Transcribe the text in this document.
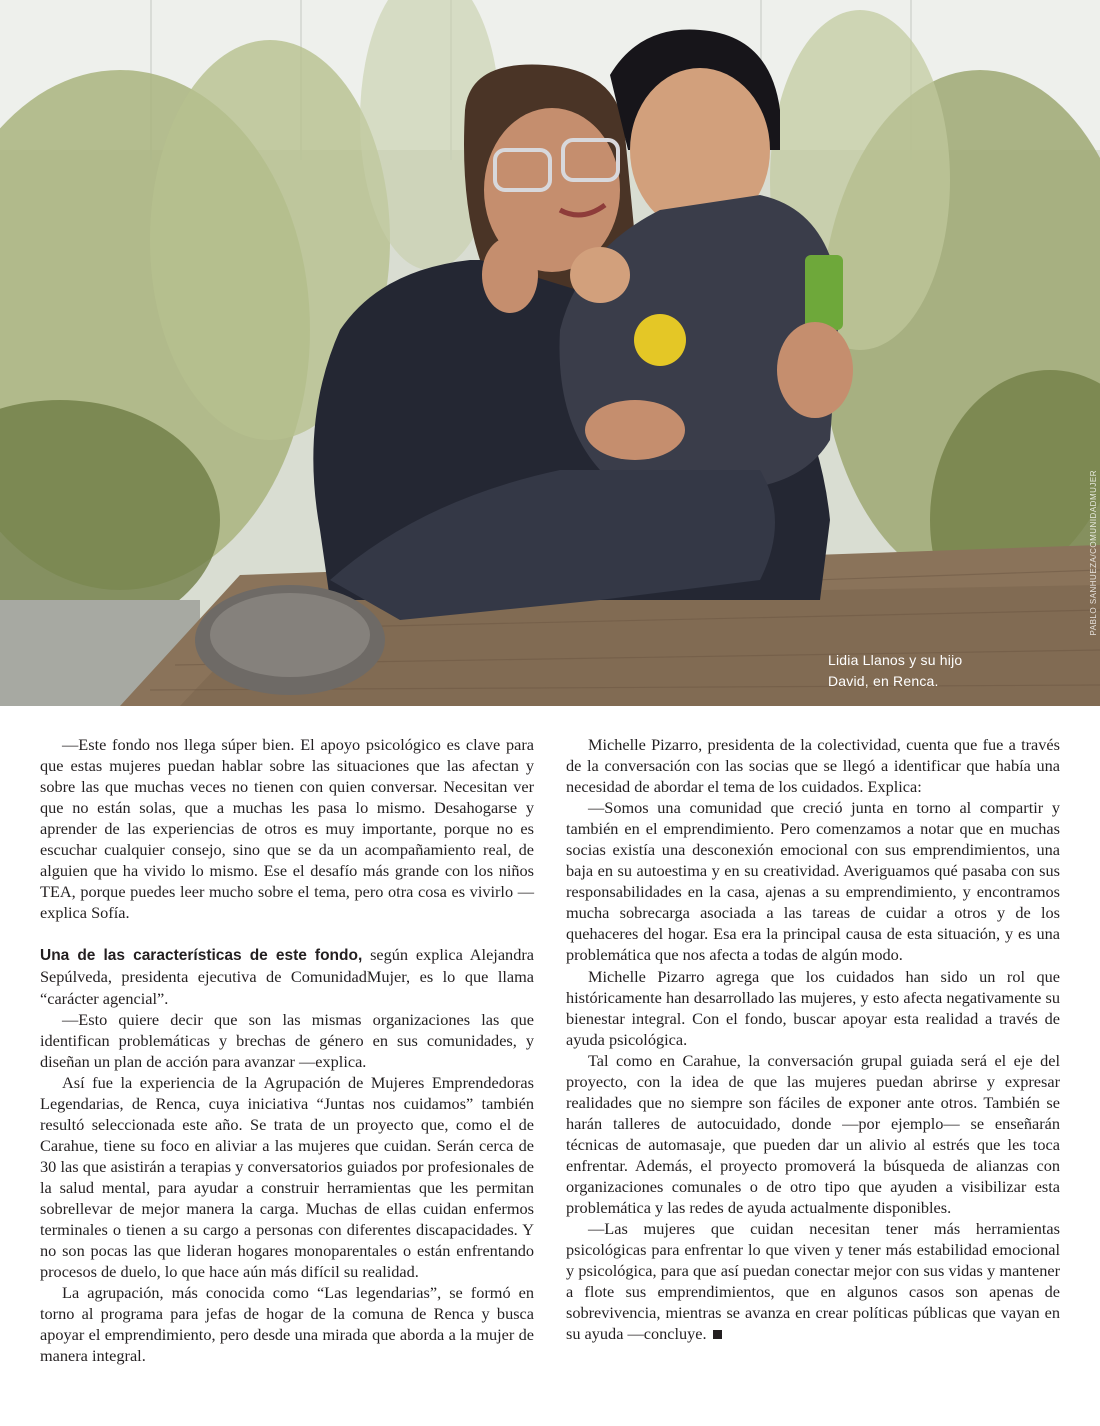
Lidia Llanos y su hijo
David, en Renca.
PABLO SANHUEZA/COMUNIDADMUJER

—Este fondo nos llega súper bien. El apoyo psicológico es clave para que estas mujeres puedan hablar sobre las situaciones que las afectan y sobre las que muchas veces no tienen con quien conversar. Necesitan ver que no están solas, que a muchas les pasa lo mismo. Desahogarse y aprender de las experiencias de otros es muy importante, porque no es escuchar cualquier consejo, sino que se da un acompañamiento real, de alguien que ha vivido lo mismo. Ese el desafío más grande con los niños TEA, porque puedes leer mucho sobre el tema, pero otra cosa es vivirlo —explica Sofía.

Una de las características de este fondo, según explica Alejandra Sepúlveda, presidenta ejecutiva de ComunidadMujer, es lo que llama “carácter agencial”.

—Esto quiere decir que son las mismas organizaciones las que identifican problemáticas y brechas de género en sus comunidades, y diseñan un plan de acción para avanzar —explica.

Así fue la experiencia de la Agrupación de Mujeres Emprendedoras Legendarias, de Renca, cuya iniciativa “Juntas nos cuidamos” también resultó seleccionada este año. Se trata de un proyecto que, como el de Carahue, tiene su foco en aliviar a las mujeres que cuidan. Serán cerca de 30 las que asistirán a terapias y conversatorios guiados por profesionales de la salud mental, para ayudar a construir herramientas que les permitan sobrellevar de mejor manera la carga. Muchas de ellas cuidan enfermos terminales o tienen a su cargo a personas con diferentes discapacidades. Y no son pocas las que lideran hogares monoparentales o están enfrentando procesos de duelo, lo que hace aún más difícil su realidad.

La agrupación, más conocida como “Las legendarias”, se formó en torno al programa para jefas de hogar de la comuna de Renca y busca apoyar el emprendimiento, pero desde una mirada que aborda a la mujer de manera integral.

Michelle Pizarro, presidenta de la colectividad, cuenta que fue a través de la conversación con las socias que se llegó a identificar que había una necesidad de abordar el tema de los cuidados. Explica:

—Somos una comunidad que creció junta en torno al compartir y también en el emprendimiento. Pero comenzamos a notar que en muchas socias existía una desconexión emocional con sus emprendimientos, una baja en su autoestima y en su creatividad. Averiguamos qué pasaba con sus responsabilidades en la casa, ajenas a su emprendimiento, y encontramos mucha sobrecarga asociada a las tareas de cuidar a otros y de los quehaceres del hogar. Esa era la principal causa de esta situación, y es una problemática que nos afecta a todas de algún modo.

Michelle Pizarro agrega que los cuidados han sido un rol que históricamente han desarrollado las mujeres, y esto afecta negativamente su bienestar integral. Con el fondo, buscar apoyar esta realidad a través de ayuda psicológica.

Tal como en Carahue, la conversación grupal guiada será el eje del proyecto, con la idea de que las mujeres puedan abrirse y expresar realidades que no siempre son fáciles de exponer ante otros. También se harán talleres de autocuidado, donde —por ejemplo— se enseñarán técnicas de automasaje, que pueden dar un alivio al estrés que les toca enfrentar. Además, el proyecto promoverá la búsqueda de alianzas con organizaciones comunales o de otro tipo que ayuden a visibilizar esta problemática y las redes de ayuda actualmente disponibles.

—Las mujeres que cuidan necesitan tener más herramientas psicológicas para enfrentar lo que viven y tener más estabilidad emocional y psicológica, para que así puedan conectar mejor con sus vidas y mantener a flote sus emprendimientos, que en algunos casos son apenas de sobrevivencia, mientras se avanza en crear políticas públicas que vayan en su ayuda —concluye.
